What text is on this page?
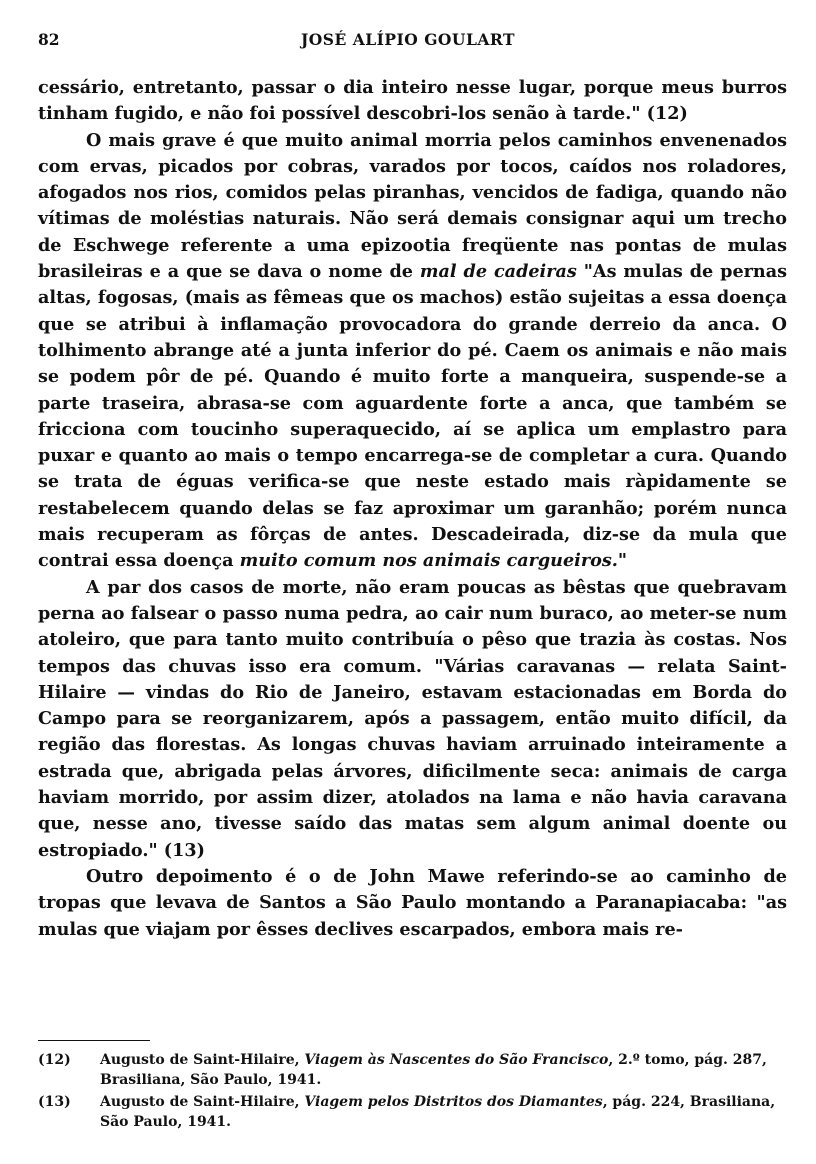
82	JOSÉ ALÍPIO GOULART

cessário, entretanto, passar o dia inteiro nesse lugar, porque meus burros tinham fugido, e não foi possível descobri-los senão à tarde." (12)

O mais grave é que muito animal morria pelos caminhos envenenados com ervas, picados por cobras, varados por tocos, caídos nos roladores, afogados nos rios, comidos pelas piranhas, vencidos de fadiga, quando não vítimas de moléstias naturais. Não será demais consignar aqui um trecho de Eschwege referente a uma epizootia freqüente nas pontas de mulas brasileiras e a que se dava o nome de mal de cadeiras "As mulas de pernas altas, fogosas, (mais as fêmeas que os machos) estão sujeitas a essa doença que se atribui à inflamação provocadora do grande derreio da anca. O tolhimento abrange até a junta inferior do pé. Caem os animais e não mais se podem pôr de pé. Quando é muito forte a manqueira, suspende-se a parte traseira, abrasa-se com aguardente forte a anca, que também se fricciona com toucinho superaquecido, aí se aplica um emplastro para puxar e quanto ao mais o tempo encarrega-se de completar a cura. Quando se trata de éguas verifica-se que neste estado mais ràpidamente se restabelecem quando delas se faz aproximar um garanhão; porém nunca mais recuperam as fôrças de antes. Descadeirada, diz-se da mula que contrai essa doença muito comum nos animais cargueiros."

A par dos casos de morte, não eram poucas as bêstas que quebravam perna ao falsear o passo numa pedra, ao cair num buraco, ao meter-se num atoleiro, que para tanto muito contribuía o pêso que trazia às costas. Nos tempos das chuvas isso era comum. "Várias caravanas — relata Saint-Hilaire — vindas do Rio de Janeiro, estavam estacionadas em Borda do Campo para se reorganizarem, após a passagem, então muito difícil, da região das florestas. As longas chuvas haviam arruinado inteiramente a estrada que, abrigada pelas árvores, dificilmente seca: animais de carga haviam morrido, por assim dizer, atolados na lama e não havia caravana que, nesse ano, tivesse saído das matas sem algum animal doente ou estropiado." (13)

Outro depoimento é o de John Mawe referindo-se ao caminho de tropas que levava de Santos a São Paulo montando a Paranapiacaba: "as mulas que viajam por êsses declives escarpados, embora mais re-

(12) Augusto de Saint-Hilaire, Viagem às Nascentes do São Francisco, 2.º tomo, pág. 287, Brasiliana, São Paulo, 1941.
(13) Augusto de Saint-Hilaire, Viagem pelos Distritos dos Diamantes, pág. 224, Brasiliana, São Paulo, 1941.
